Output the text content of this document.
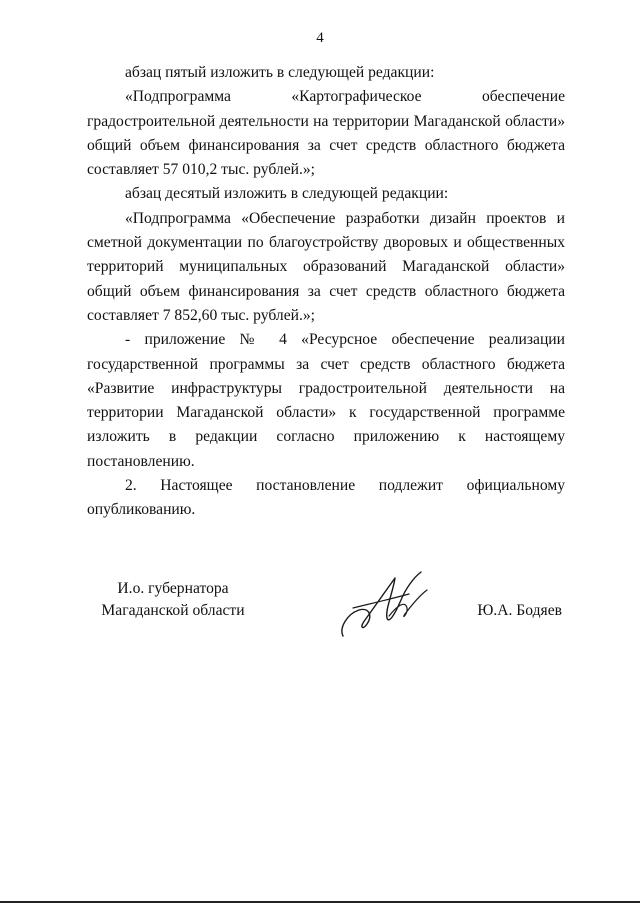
4

абзац пятый изложить в следующей редакции:

«Подпрограмма «Картографическое обеспечение градостроительной деятельности на территории Магаданской области» общий объем финансирования за счет средств областного бюджета составляет 57 010,2 тыс. рублей.»;

абзац десятый изложить в следующей редакции:

«Подпрограмма «Обеспечение разработки дизайн проектов и сметной документации по благоустройству дворовых и общественных территорий муниципальных образований Магаданской области» общий объем финансирования за счет средств областного бюджета составляет 7 852,60 тыс. рублей.»;

- приложение № 4 «Ресурсное обеспечение реализации государственной программы за счет средств областного бюджета «Развитие инфраструктуры градостроительной деятельности на территории Магаданской области» к государственной программе изложить в редакции согласно приложению к настоящему постановлению.

2. Настоящее постановление подлежит официальному опубликованию.

И.о. губернатора
Магаданской области	Ю.А. Бодяев
